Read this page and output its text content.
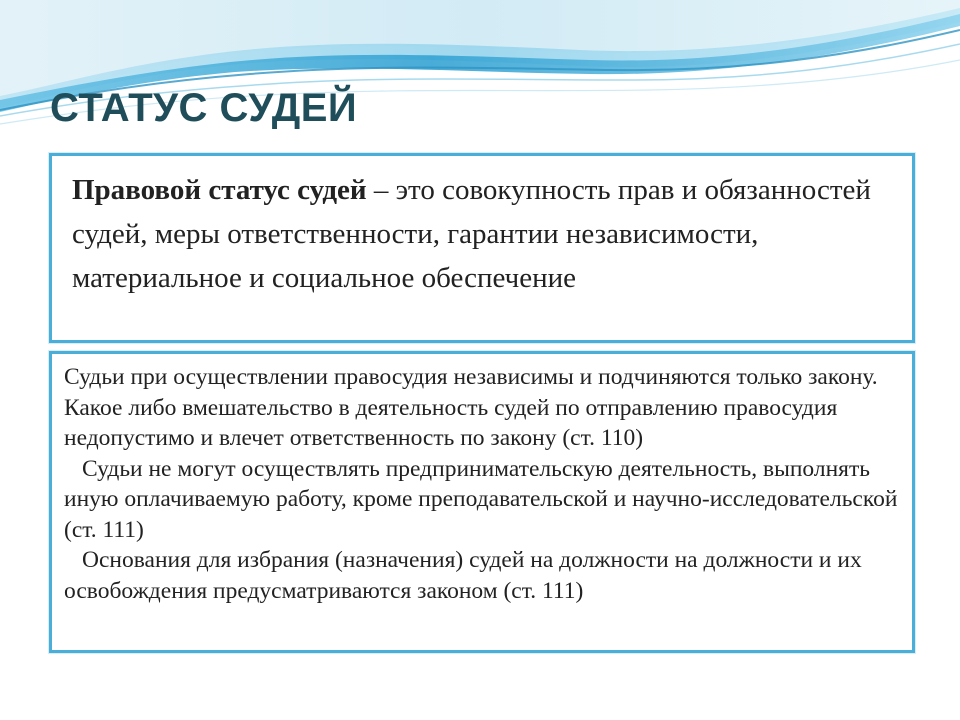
СТАТУС СУДЕЙ

Правовой статус судей – это совокупность прав и обязанностей судей, меры ответственности, гарантии независимости, материальное и социальное обеспечение

Судьи при осуществлении правосудия независимы и подчиняются только закону. Какое либо вмешательство в деятельность судей по отправлению правосудия недопустимо и влечет ответственность по закону (ст. 110)

Судьи не могут осуществлять предпринимательскую деятельность, выполнять иную оплачиваемую работу, кроме преподавательской и научно-исследовательской (ст. 111)

Основания для избрания (назначения) судей на должности на должности и их освобождения предусматриваются законом (ст. 111)
